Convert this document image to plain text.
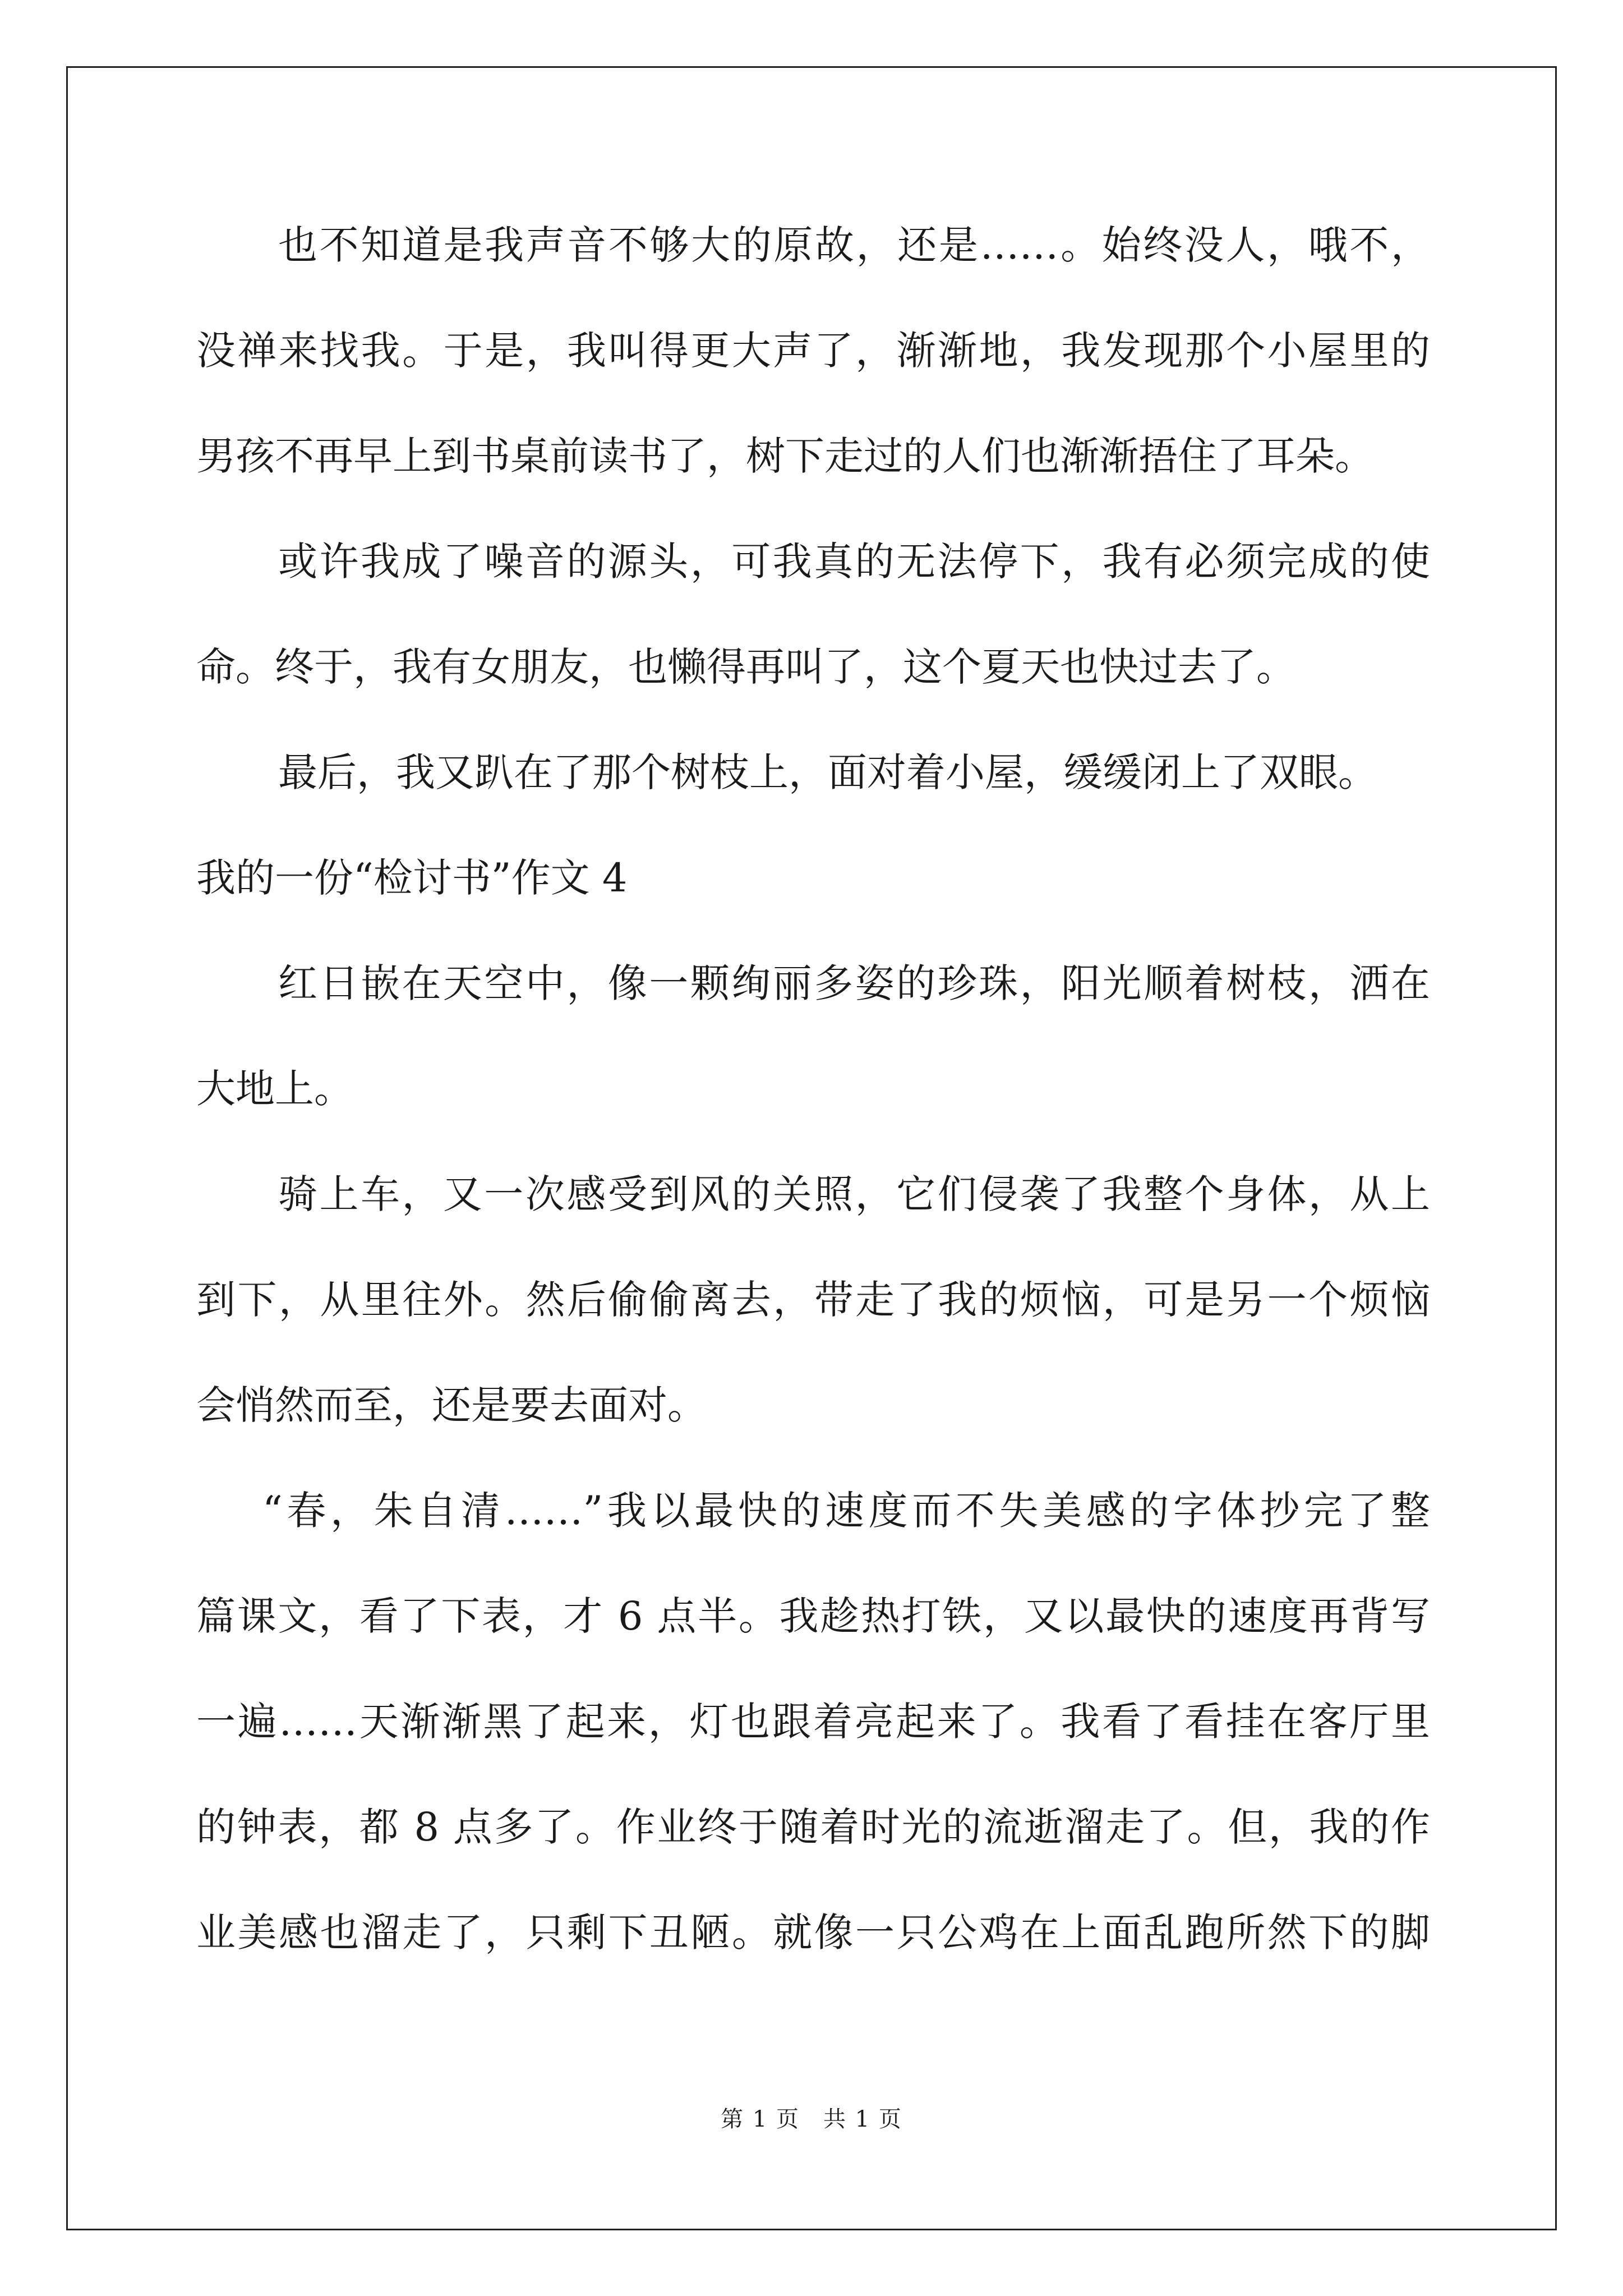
也不知道是我声音不够大的原故，还是……。始终没人，哦不，
没禅来找我。于是，我叫得更大声了，渐渐地，我发现那个小屋里的
男孩不再早上到书桌前读书了，树下走过的人们也渐渐捂住了耳朵。
或许我成了噪音的源头，可我真的无法停下，我有必须完成的使
命。终于，我有女朋友，也懒得再叫了，这个夏天也快过去了。
最后，我又趴在了那个树枝上，面对着小屋，缓缓闭上了双眼。
我的一份“检讨书”作文 4
红日嵌在天空中，像一颗绚丽多姿的珍珠，阳光顺着树枝，洒在
大地上。
骑上车，又一次感受到风的关照，它们侵袭了我整个身体，从上
到下，从里往外。然后偷偷离去，带走了我的烦恼，可是另一个烦恼
会悄然而至，还是要去面对。
“春，朱自清……”我以最快的速度而不失美感的字体抄完了整
篇课文，看了下表，才 6 点半。我趁热打铁，又以最快的速度再背写
一遍……天渐渐黑了起来，灯也跟着亮起来了。我看了看挂在客厅里
的钟表，都 8 点多了。作业终于随着时光的流逝溜走了。但，我的作
业美感也溜走了，只剩下丑陋。就像一只公鸡在上面乱跑所然下的脚
第 1 页　共 1 页
